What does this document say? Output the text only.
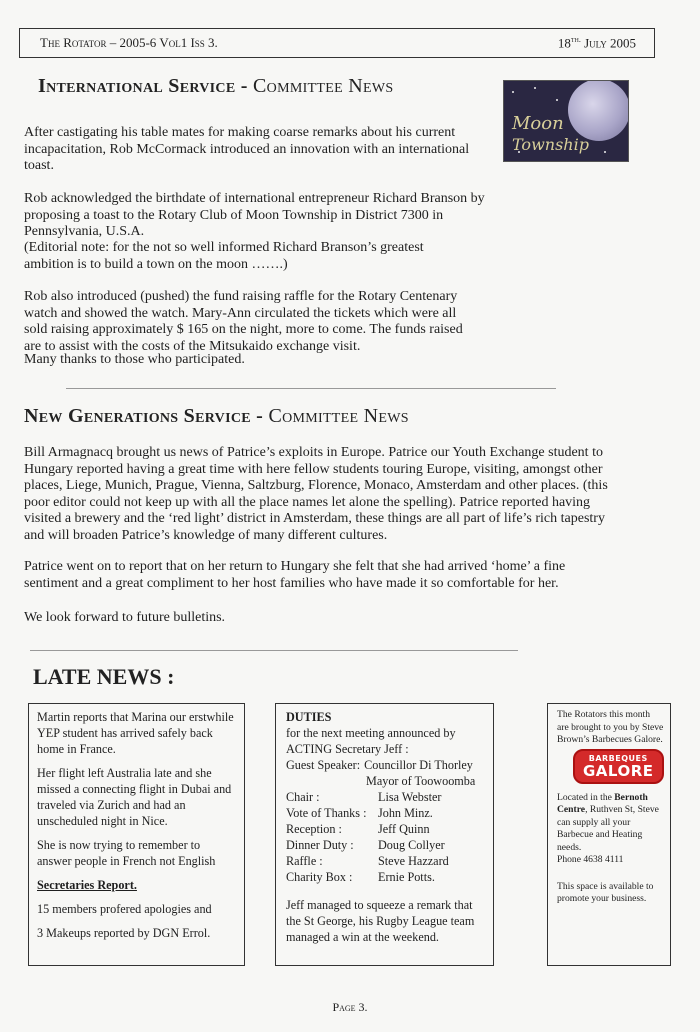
The Rotator – 2005-6 Vol1 Iss 3.	$18^{th.}$ July 2005
International Service - Committee News
Moon
Township

After castigating his table mates for making coarse remarks about his current incapacitation, Rob McCormack introduced an innovation with an international toast.

Rob acknowledged the birthdate of international entrepreneur Richard Branson by proposing a toast to the Rotary Club of Moon Township in District 7300 in Pennsylvania, U.S.A.

(Editorial note: for the not so well informed Richard Branson’s greatest ambition is to build a town on the moon …….)

Rob also introduced (pushed) the fund raising raffle for the Rotary Centenary watch and showed the watch. Mary-Ann circulated the tickets which were all sold raising approximately $ 165 on the night, more to come. The funds raised are to assist with the costs of the Mitsukaido exchange visit.

Many thanks to those who participated.

New Generations Service - Committee News

Bill Armagnacq brought us news of Patrice’s exploits in Europe. Patrice our Youth Exchange student to Hungary reported having a great time with here fellow students touring Europe, visiting, amongst other places, Liege, Munich, Prague, Vienna, Saltzburg, Florence, Monaco, Amsterdam and other places. (this poor editor could not keep up with all the place names let alone the spelling). Patrice reported having visited a brewery and the ‘red light’ district in Amsterdam, these things are all part of life’s rich tapestry and will broaden Patrice’s knowledge of many different cultures.

Patrice went on to report that on her return to Hungary she felt that she had arrived ‘home’ a fine sentiment and a great compliment to her host families who have made it so comfortable for her.

We look forward to future bulletins.

LATE NEWS :

Martin reports that Marina our erstwhile YEP student has arrived safely back home in France.

Her flight left Australia late and she missed a connecting flight in Dubai and traveled via Zurich and had an unscheduled night in Nice.

She is now trying to remember to answer people in French not English

Secretaries Report.

15 members profered apologies and

3 Makeups reported by DGN Errol.

DUTIES

for the next meeting announced by

ACTING Secretary Jeff :

Guest Speaker: Councillor Di Thorley

Mayor of Toowoomba

Chair :	Lisa Webster
Vote of Thanks : John Minz.
Reception :	Jeff Quinn
Dinner Duty :	Doug Collyer
Raffle :	Steve Hazzard
Charity Box :	Ernie Potts.

Jeff managed to squeeze a remark that the St George, his Rugby League team managed a win at the weekend.

The Rotators this month are brought to you by Steve Brown’s Barbecues Galore.

BARBEQUES
GALORE

Located in the Bernoth Centre, Ruthven St, Steve can supply all your Barbecue and Heating needs.

Phone 4638 4111

This space is available to promote your business.

Page 3.
